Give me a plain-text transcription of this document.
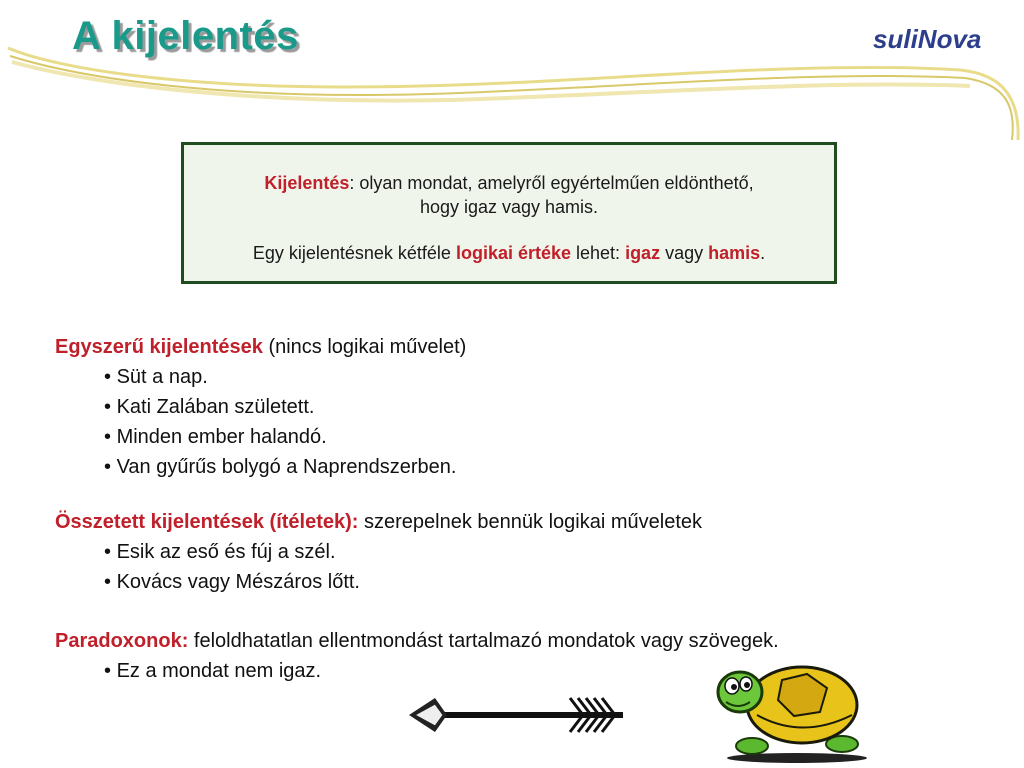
A kijelentés	suliNova
Kijelentés: olyan mondat, amelyről egyértelműen eldönthető,
hogy igaz vagy hamis.
Egy kijelentésnek kétféle logikai értéke lehet: igaz vagy hamis.
Egyszerű kijelentések (nincs logikai művelet)
• Süt a nap.
• Kati Zalában született.
• Minden ember halandó.
• Van gyűrűs bolygó a Naprendszerben.
Összetett kijelentések (ítéletek): szerepelnek bennük logikai műveletek
• Esik az eső és fúj a szél.
• Kovács vagy Mészáros lőtt.
Paradoxonok: feloldhatatlan ellentmondást tartalmazó mondatok vagy szövegek.
• Ez a mondat nem igaz.
